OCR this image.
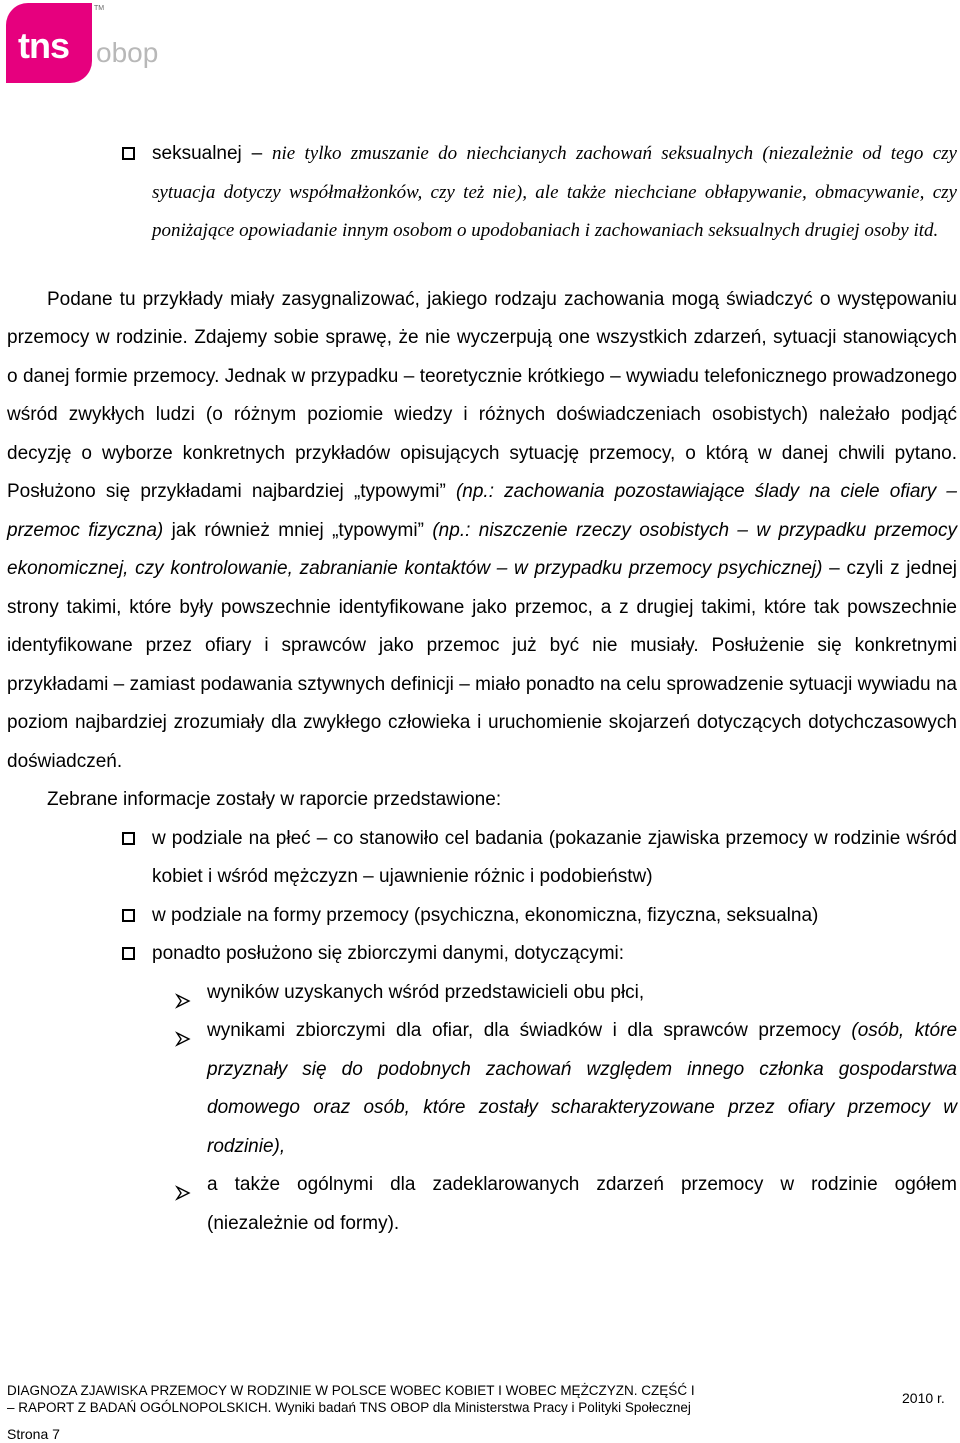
tns
TM
obop
seksualnej – nie tylko zmuszanie do niechcianych zachowań seksualnych (niezależnie od tego czy sytuacja dotyczy współmałżonków, czy też nie), ale także niechciane obłapywanie, obmacywanie, czy poniżające opowiadanie innym osobom o upodobaniach i zachowaniach seksualnych drugiej osoby itd.

Podane tu przykłady miały zasygnalizować, jakiego rodzaju zachowania mogą świadczyć o występowaniu przemocy w rodzinie. Zdajemy sobie sprawę, że nie wyczerpują one wszystkich zdarzeń, sytuacji stanowiących o danej formie przemocy. Jednak w przypadku – teoretycznie krótkiego – wywiadu telefonicznego prowadzonego wśród zwykłych ludzi (o różnym poziomie wiedzy i różnych doświadczeniach osobistych) należało podjąć decyzję o wyborze konkretnych przykładów opisujących sytuację przemocy, o którą w danej chwili pytano. Posłużono się przykładami najbardziej „typowymi” (np.: zachowania pozostawiające ślady na ciele ofiary – przemoc fizyczna) jak również mniej „typowymi” (np.: niszczenie rzeczy osobistych – w przypadku przemocy ekonomicznej, czy kontrolowanie, zabranianie kontaktów – w przypadku przemocy psychicznej) – czyli z jednej strony takimi, które były powszechnie identyfikowane jako przemoc, a z drugiej takimi, które tak powszechnie identyfikowane przez ofiary i sprawców jako przemoc już być nie musiały. Posłużenie się konkretnymi przykładami – zamiast podawania sztywnych definicji – miało ponadto na celu sprowadzenie sytuacji wywiadu na poziom najbardziej zrozumiały dla zwykłego człowieka i uruchomienie skojarzeń dotyczących dotychczasowych doświadczeń.

Zebrane informacje zostały w raporcie przedstawione:

w podziale na płeć – co stanowiło cel badania (pokazanie zjawiska przemocy w rodzinie wśród kobiet i wśród mężczyzn – ujawnienie różnic i podobieństw)
w podziale na formy przemocy (psychiczna, ekonomiczna, fizyczna, seksualna)
ponadto posłużono się zbiorczymi danymi, dotyczącymi:
wyników uzyskanych wśród przedstawicieli obu płci,
wynikami zbiorczymi dla ofiar, dla świadków i dla sprawców przemocy (osób, które przyznały się do podobnych zachowań względem innego członka gospodarstwa domowego oraz osób, które zostały scharakteryzowane przez ofiary przemocy w rodzinie),
a także ogólnymi dla zadeklarowanych zdarzeń przemocy w rodzinie ogółem (niezależnie od formy).
DIAGNOZA ZJAWISKA PRZEMOCY W RODZINIE W POLSCE WOBEC KOBIET I WOBEC MĘŻCZYZN. CZĘŚĆ I
– RAPORT Z BADAŃ OGÓLNOPOLSKICH. Wyniki badań TNS OBOP dla Ministerstwa Pracy i Polityki Społecznej
2010 r.
Strona 7
